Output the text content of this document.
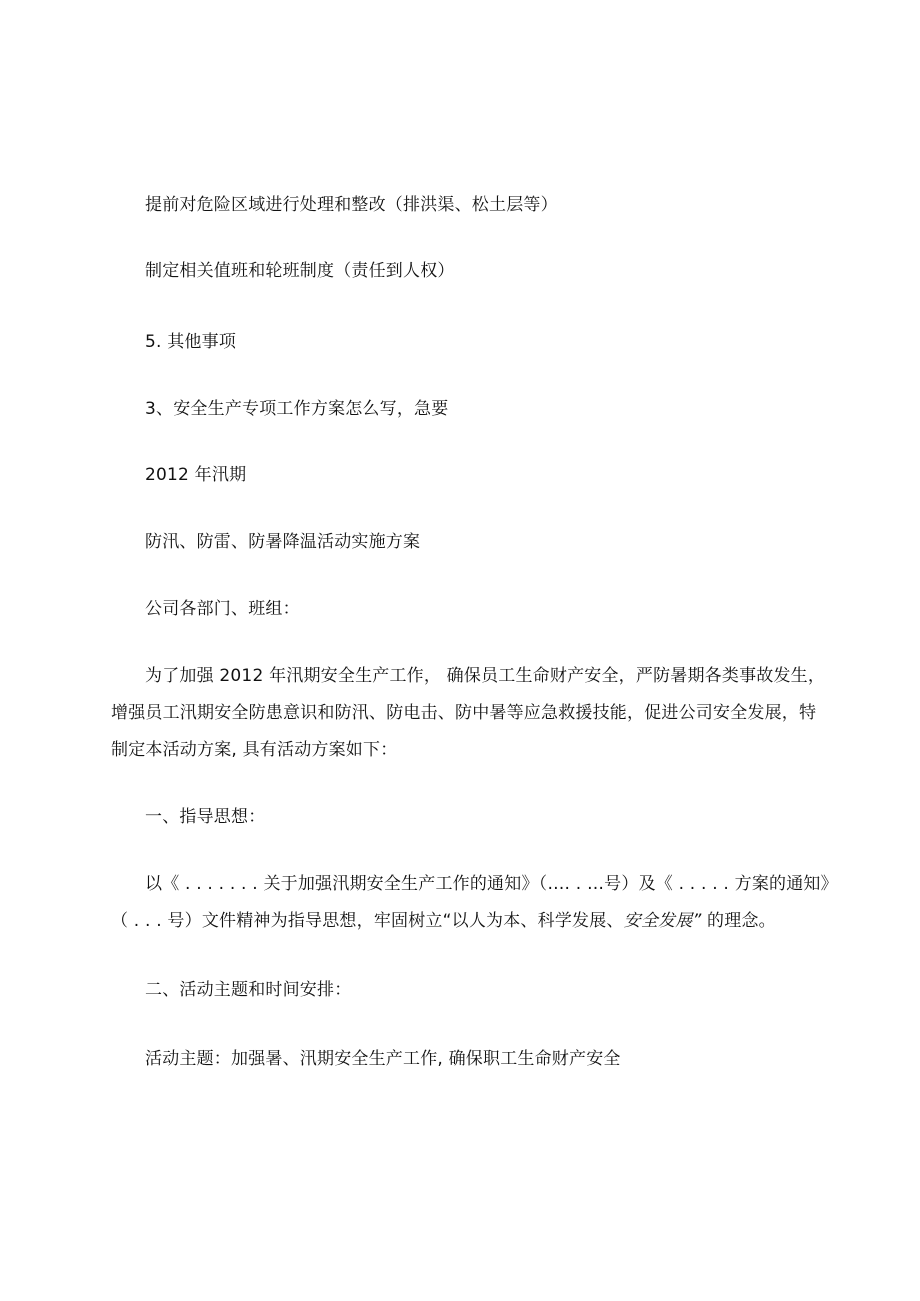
提前对危险区域进行处理和整改（排洪渠、松土层等）
制定相关值班和轮班制度（责任到人权）
5. 其他事项
3、安全生产专项工作方案怎么写，急要
2012 年汛期
防汛、防雷、防暑降温活动实施方案
公司各部门、班组：
为了加强 2012 年汛期安全生产工作， 确保员工生命财产安全，严防暑期各类事故发生，
增强员工汛期安全防患意识和防汛、防电击、防中暑等应急救援技能，促进公司安全发展，特
制定本活动方案, 具有活动方案如下：
一、指导思想：
以《 . . . . . . . 关于加强汛期安全生产工作的通知》（…. . …号）及《 . . . . . 方案的通知》
（ . . . 号）文件精神为指导思想，牢固树立“以人为本、科学发展、安全发展” 的理念。
二、活动主题和时间安排：
活动主题：加强暑、汛期安全生产工作, 确保职工生命财产安全
